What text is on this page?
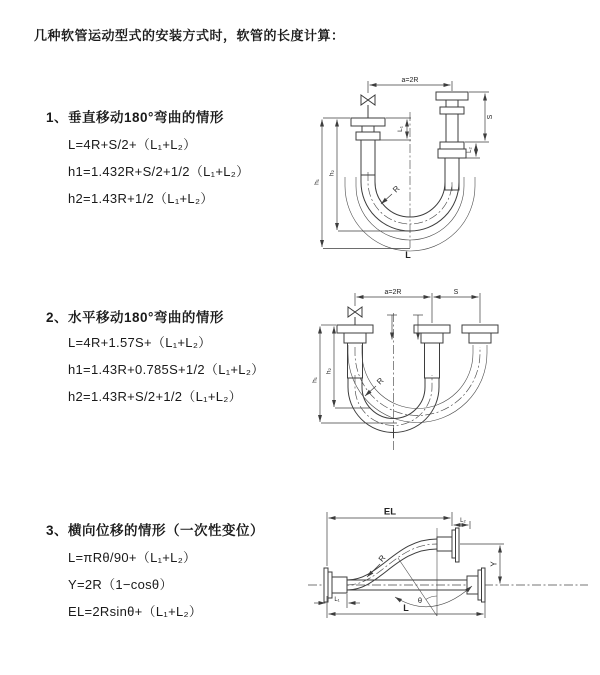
几种软管运动型式的安装方式时，软管的长度计算：
1、垂直移动180°弯曲的情形
L=4R+S/2+（L₁+L₂）
h1=1.432R+S/2+1/2（L₁+L₂）
h2=1.43R+1/2（L₁+L₂）
2、水平移动180°弯曲的情形
L=4R+1.57S+（L₁+L₂）
h1=1.43R+0.785S+1/2（L₁+L₂）
h2=1.43R+S/2+1/2（L₁+L₂）
3、横向位移的情形（一次性变位）
L=πRθ/90+（L₁+L₂）
Y=2R（1−cosθ）
EL=2Rsinθ+（L₁+L₂）
a=2R
L₁
S
L₂
h₁
h₂
R
L
a=2R	S
h₁
h₂
R
θ
R
EL
L₂
Y
L₁
L
